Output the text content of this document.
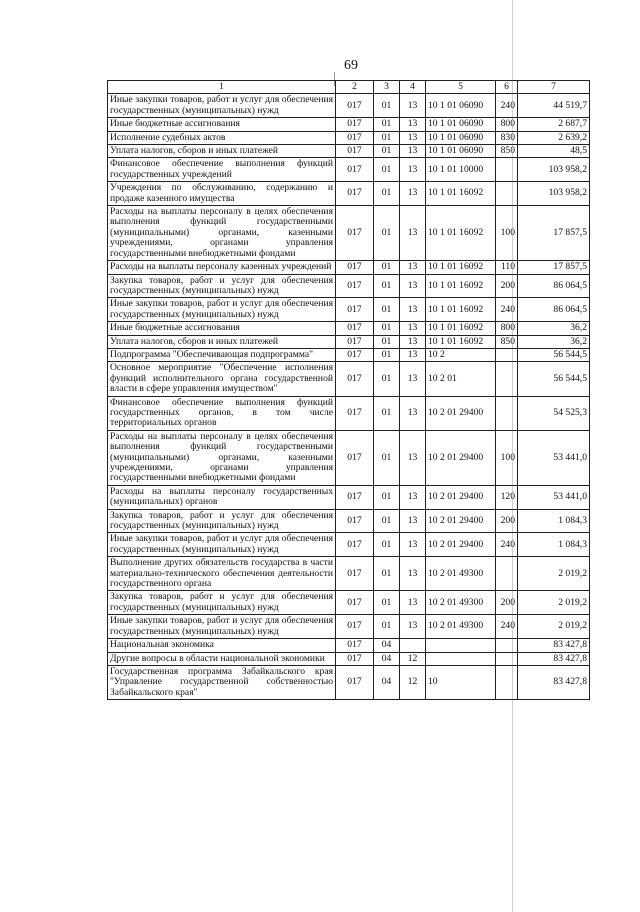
69
1	2	3	4	5	6	7
Иные закупки товаров, работ и услуг для обеспечения государственных (муниципальных) нужд	017	01	13	10 1 01 06090	240	44 519,7
Иные бюджетные ассигнования	017	01	13	10 1 01 06090	800	2 687,7
Исполнение судебных актов	017	01	13	10 1 01 06090	830	2 639,2
Уплата налогов, сборов и иных платежей	017	01	13	10 1 01 06090	850	48,5
Финансовое обеспечение выполнения функций государственных учреждений	017	01	13	10 1 01 10000		103 958,2
Учреждения по обслуживанию, содержанию и продаже казенного имущества	017	01	13	10 1 01 16092		103 958,2
Расходы на выплаты персоналу в целях обеспечения выполнения функций государственными (муниципальными) органами, казенными учреждениями, органами управления государственными внебюджетными фондами	017	01	13	10 1 01 16092	100	17 857,5
Расходы на выплаты персоналу казенных учреждений	017	01	13	10 1 01 16092	110	17 857,5
Закупка товаров, работ и услуг для обеспечения государственных (муниципальных) нужд	017	01	13	10 1 01 16092	200	86 064,5
Иные закупки товаров, работ и услуг для обеспечения государственных (муниципальных) нужд	017	01	13	10 1 01 16092	240	86 064,5
Иные бюджетные ассигнования	017	01	13	10 1 01 16092	800	36,2
Уплата налогов, сборов и иных платежей	017	01	13	10 1 01 16092	850	36,2
Подпрограмма "Обеспечивающая подпрограмма"	017	01	13	10 2		56 544,5
Основное мероприятие "Обеспечение исполнения функций исполнительного органа государственной власти в сфере управления имуществом"	017	01	13	10 2 01		56 544,5
Финансовое обеспечение выполнения функций государственных органов, в том числе территориальных органов	017	01	13	10 2 01 29400		54 525,3
Расходы на выплаты персоналу в целях обеспечения выполнения функций государственными (муниципальными) органами, казенными учреждениями, органами управления государственными внебюджетными фондами	017	01	13	10 2 01 29400	100	53 441,0
Расходы на выплаты персоналу государственных (муниципальных) органов	017	01	13	10 2 01 29400	120	53 441,0
Закупка товаров, работ и услуг для обеспечения государственных (муниципальных) нужд	017	01	13	10 2 01 29400	200	1 084,3
Иные закупки товаров, работ и услуг для обеспечения государственных (муниципальных) нужд	017	01	13	10 2 01 29400	240	1 084,3
Выполнение других обязательств государства в части материально-технического обеспечения деятельности государственного органа	017	01	13	10 2 01 49300		2 019,2
Закупка товаров, работ и услуг для обеспечения государственных (муниципальных) нужд	017	01	13	10 2 01 49300	200	2 019,2
Иные закупки товаров, работ и услуг для обеспечения государственных (муниципальных) нужд	017	01	13	10 2 01 49300	240	2 019,2
Национальная экономика	017	04				83 427,8
Другие вопросы в области национальной экономики	017	04	12			83 427,8
Государственная программа Забайкальского края "Управление государственной собственностью Забайкальского края"	017	04	12	10		83 427,8
